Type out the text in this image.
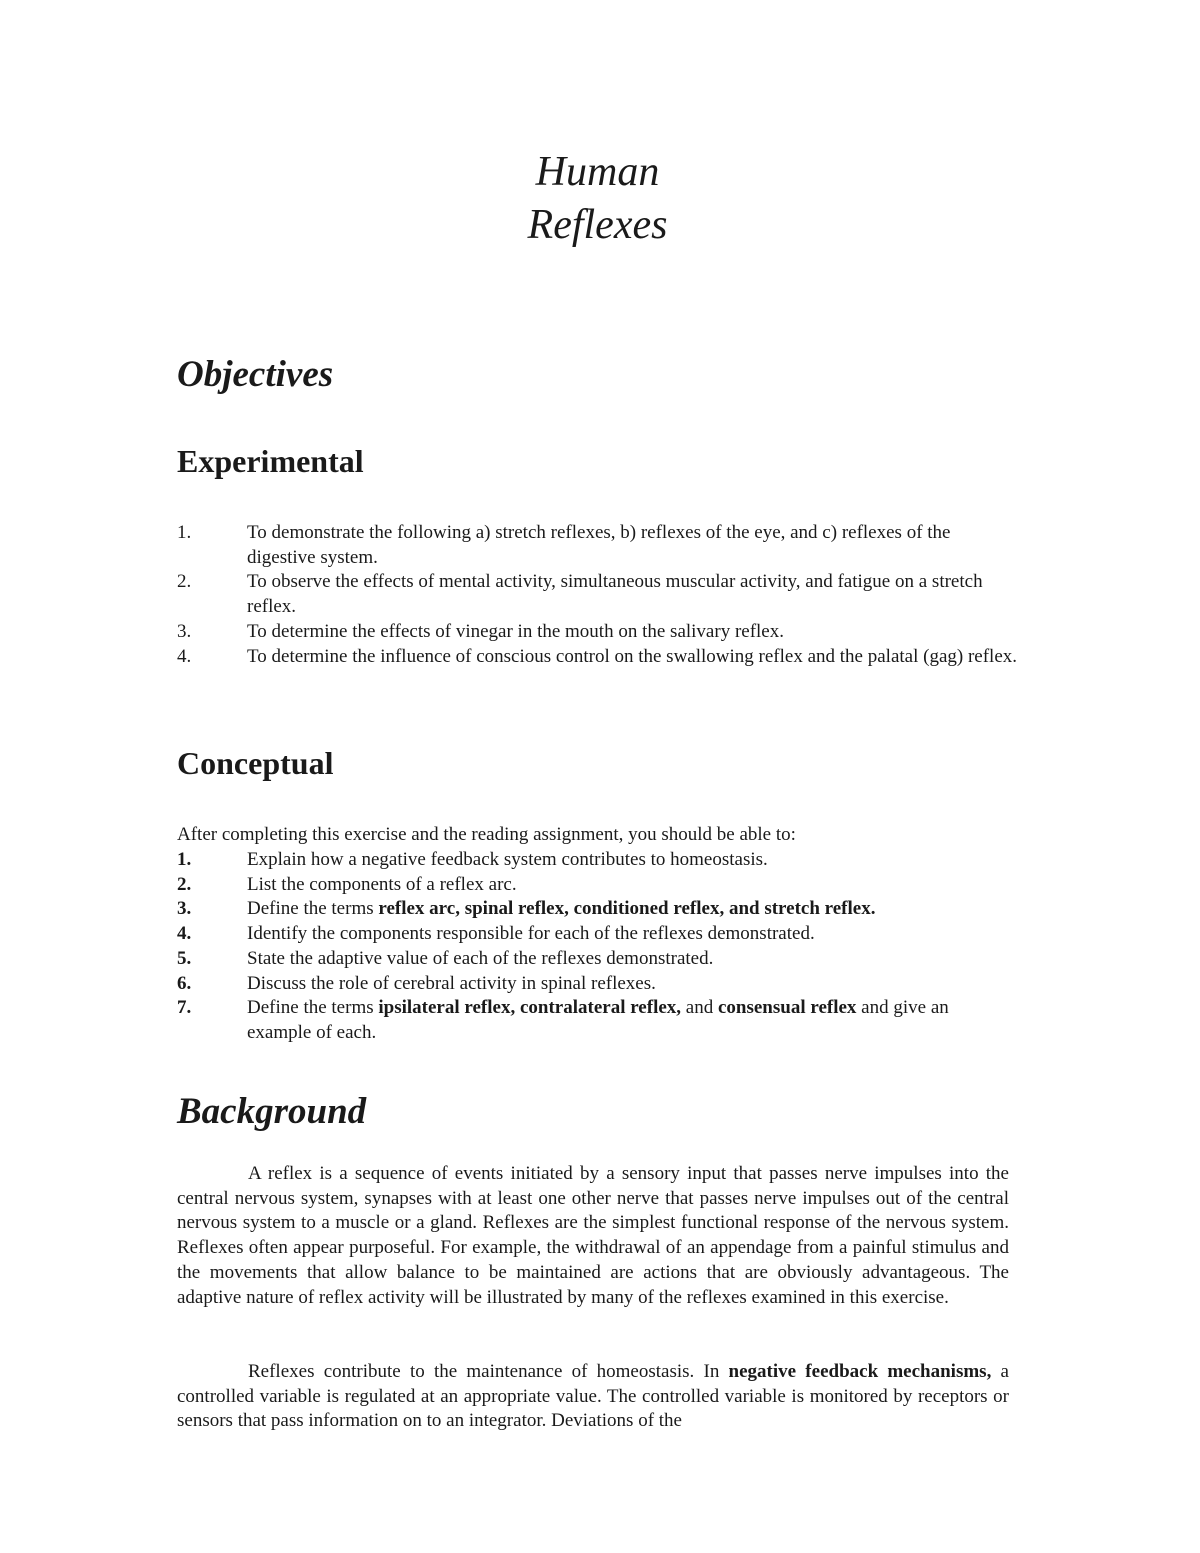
Human
Reflexes
Objectives
Experimental
1.	To demonstrate the following a) stretch reflexes, b) reflexes of the eye, and c) reflexes of the digestive system.
2.	To observe the effects of mental activity, simultaneous muscular activity, and fatigue on a stretch reflex.
3.	To determine the effects of vinegar in the mouth on the salivary reflex.
4.	To determine the influence of conscious control on the swallowing reflex and the palatal (gag) reflex.
Conceptual
After completing this exercise and the reading assignment, you should be able to:
1.	Explain how a negative feedback system contributes to homeostasis.
2.	List the components of a reflex arc.
3.	Define the terms reflex arc, spinal reflex, conditioned reflex, and stretch reflex.
4.	Identify the components responsible for each of the reflexes demonstrated.
5.	State the adaptive value of each of the reflexes demonstrated.
6.	Discuss the role of cerebral activity in spinal reflexes.
7.	Define the terms ipsilateral reflex, contralateral reflex, and consensual reflex and give an example of each.
Background

A reflex is a sequence of events initiated by a sensory input that passes nerve impulses into the central nervous system, synapses with at least one other nerve that passes nerve impulses out of the central nervous system to a muscle or a gland. Reflexes are the simplest functional response of the nervous system. Reflexes often appear purposeful. For example, the withdrawal of an appendage from a painful stimulus and the movements that allow balance to be maintained are actions that are obviously advantageous. The adaptive nature of reflex activity will be illustrated by many of the reflexes examined in this exercise.

Reflexes contribute to the maintenance of homeostasis. In negative feedback mechanisms, a controlled variable is regulated at an appropriate value. The controlled variable is monitored by receptors or sensors that pass information on to an integrator. Deviations of the
